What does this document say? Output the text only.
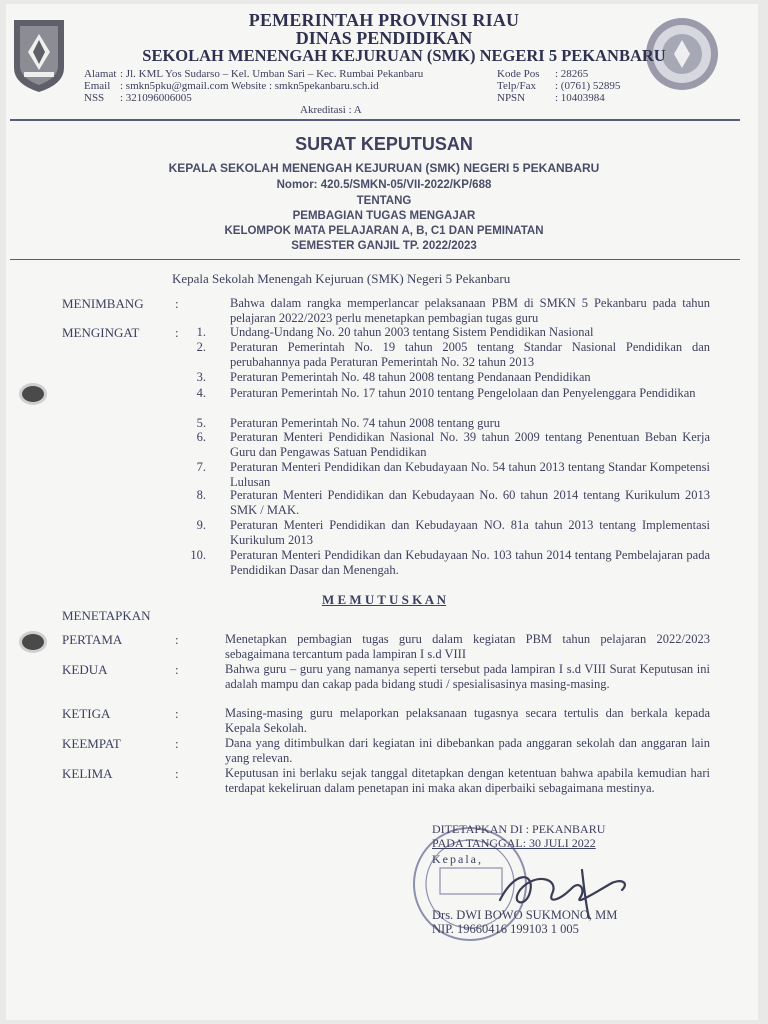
PEMERINTAH PROVINSI RIAU
DINAS PENDIDIKAN
SEKOLAH MENENGAH KEJURUAN (SMK) NEGERI 5 PEKANBARU
Alamat : Jl. KML Yos Sudarso – Kel. Umban Sari – Kec. Rumbai Pekanbaru
Email : smkn5pku@gmail.com Website : smkn5pekanbaru.sch.id
NSS	: 321096006005
Kode Pos : 28265
Telp/Fax : (0761) 52895
NPSN	: 10403984
Akreditasi : A
SURAT KEPUTUSAN
KEPALA SEKOLAH MENENGAH KEJURUAN (SMK) NEGERI 5 PEKANBARU
Nomor: 420.5/SMKN-05/VII-2022/KP/688
TENTANG
PEMBAGIAN TUGAS MENGAJAR
KELOMPOK MATA PELAJARAN A, B, C1 DAN PEMINATAN
SEMESTER GANJIL TP. 2022/2023
Kepala Sekolah Menengah Kejuruan (SMK) Negeri 5 Pekanbaru
MENIMBANG :	Bahwa dalam rangka memperlancar pelaksanaan PBM di SMKN 5 Pekanbaru pada tahun pelajaran 2022/2023 perlu menetapkan pembagian tugas guru
MENGINGAT	:	1. Undang-Undang No. 20 tahun 2003 tentang Sistem Pendidikan Nasional
2. Peraturan Pemerintah No. 19 tahun 2005 tentang Standar Nasional Pendidikan dan perubahannya pada Peraturan Pemerintah No. 32 tahun 2013
3. Peraturan Pemerintah No. 48 tahun 2008 tentang Pendanaan Pendidikan
4. Peraturan Pemerintah No. 17 tahun 2010 tentang Pengelolaan dan Penyelenggara Pendidikan
5. Peraturan Pemerintah No. 74 tahun 2008 tentang guru
6. Peraturan Menteri Pendidikan Nasional No. 39 tahun 2009 tentang Penentuan Beban Kerja Guru dan Pengawas Satuan Pendidikan
7. Peraturan Menteri Pendidikan dan Kebudayaan No. 54 tahun 2013 tentang Standar Kompetensi Lulusan
8. Peraturan Menteri Pendidikan dan Kebudayaan No. 60 tahun 2014 tentang Kurikulum 2013 SMK / MAK.
9. Peraturan Menteri Pendidikan dan Kebudayaan NO. 81a tahun 2013 tentang Implementasi Kurikulum 2013
10. Peraturan Menteri Pendidikan dan Kebudayaan No. 103 tahun 2014 tentang Pembelajaran pada Pendidikan Dasar dan Menengah.
M E M U T U S K A N
MENETAPKAN
PERTAMA	:	Menetapkan pembagian tugas guru dalam kegiatan PBM tahun pelajaran 2022/2023 sebagaimana tercantum pada lampiran I s.d VIII
KEDUA	:	Bahwa guru – guru yang namanya seperti tersebut pada lampiran I s.d VIII Surat Keputusan ini adalah mampu dan cakap pada bidang studi / spesialisasinya masing-masing.
KETIGA	:	Masing-masing guru melaporkan pelaksanaan tugasnya secara tertulis dan berkala kepada Kepala Sekolah.
KEEMPAT	:	Dana yang ditimbulkan dari kegiatan ini dibebankan pada anggaran sekolah dan anggaran lain yang relevan.
KELIMA	:	Keputusan ini berlaku sejak tanggal ditetapkan dengan ketentuan bahwa apabila kemudian hari terdapat kekeliruan dalam penetapan ini maka akan diperbaiki sebagaimana mestinya.
DITETAPKAN DI : PEKANBARU
PADA TANGGAL: 30 JULI 2022
Kepala,
Drs. DWI BOWO SUKMONO, MM
NIP. 19660416 199103 1 005
